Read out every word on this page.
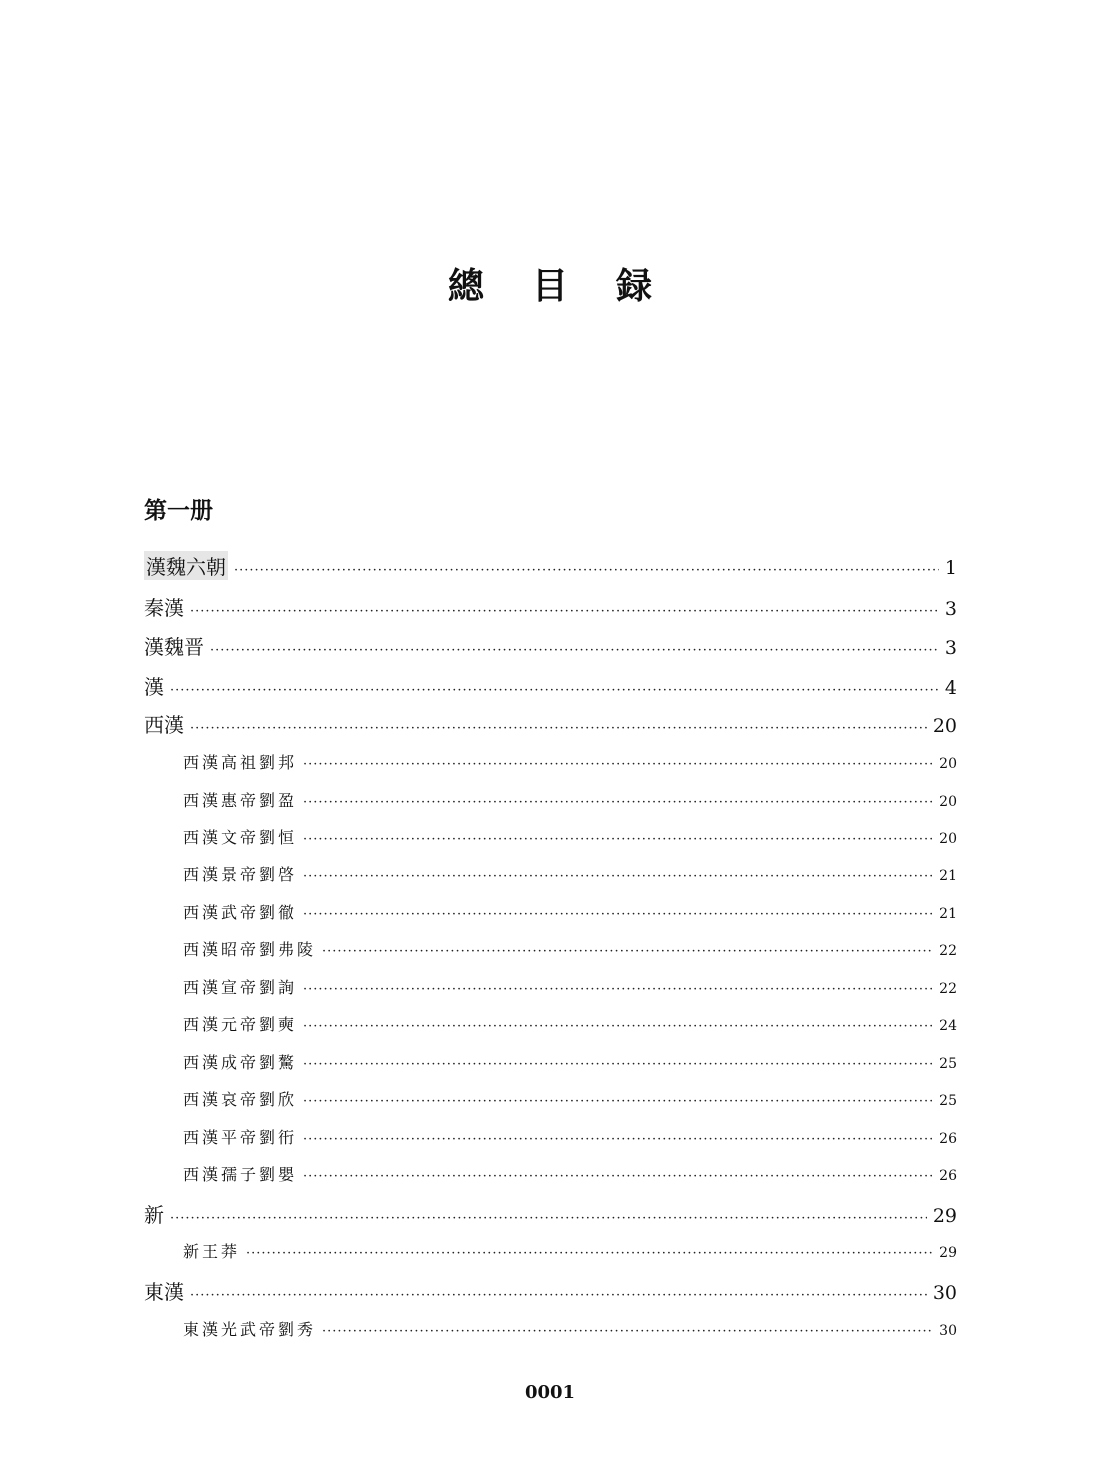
總 目 録
第一册
漢魏六朝 ·····	1
秦漢 ·····	3
漢魏晋 ·····	3
漢 ·····	4
西漢 ·····	20
西漢高祖劉邦 ·····	20
西漢惠帝劉盈 ·····	20
西漢文帝劉恒 ·····	20
西漢景帝劉啓 ·····	21
西漢武帝劉徹 ·····	21
西漢昭帝劉弗陵 ·····	22
西漢宣帝劉詢 ·····	22
西漢元帝劉奭 ·····	24
西漢成帝劉驁 ·····	25
西漢哀帝劉欣 ·····	25
西漢平帝劉衎 ·····	26
西漢孺子劉嬰 ·····	26
新 ·····	29
新王莽 ·····	29
東漢 ·····	30
東漢光武帝劉秀 ·····	30
0001
